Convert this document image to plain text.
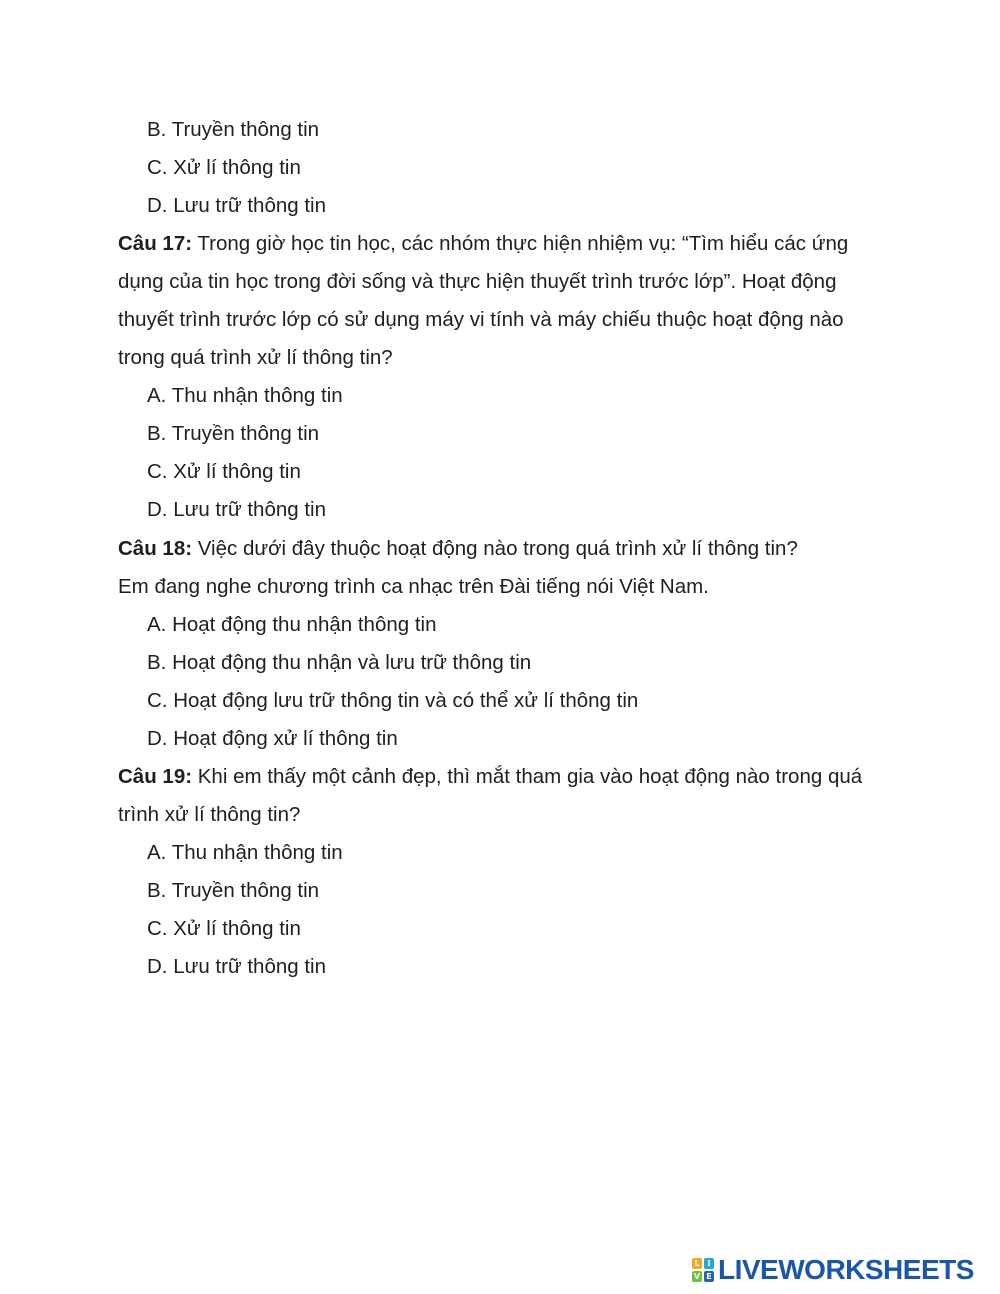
B. Truyền thông tin
C. Xử lí thông tin
D. Lưu trữ thông tin
Câu 17: Trong giờ học tin học, các nhóm thực hiện nhiệm vụ: “Tìm hiểu các ứng
dụng của tin học trong đời sống và thực hiện thuyết trình trước lớp”. Hoạt động
thuyết trình trước lớp có sử dụng máy vi tính và máy chiếu thuộc hoạt động nào
trong quá trình xử lí thông tin?
A. Thu nhận thông tin
B. Truyền thông tin
C. Xử lí thông tin
D. Lưu trữ thông tin
Câu 18: Việc dưới đây thuộc hoạt động nào trong quá trình xử lí thông tin?
Em đang nghe chương trình ca nhạc trên Đài tiếng nói Việt Nam.
A. Hoạt động thu nhận thông tin
B. Hoạt động thu nhận và lưu trữ thông tin
C. Hoạt động lưu trữ thông tin và có thể xử lí thông tin
D. Hoạt động xử lí thông tin
Câu 19: Khi em thấy một cảnh đẹp, thì mắt tham gia vào hoạt động nào trong quá
trình xử lí thông tin?
A. Thu nhận thông tin
B. Truyền thông tin
C. Xử lí thông tin
D. Lưu trữ thông tin
L I
V E LIVEWORKSHEETS
